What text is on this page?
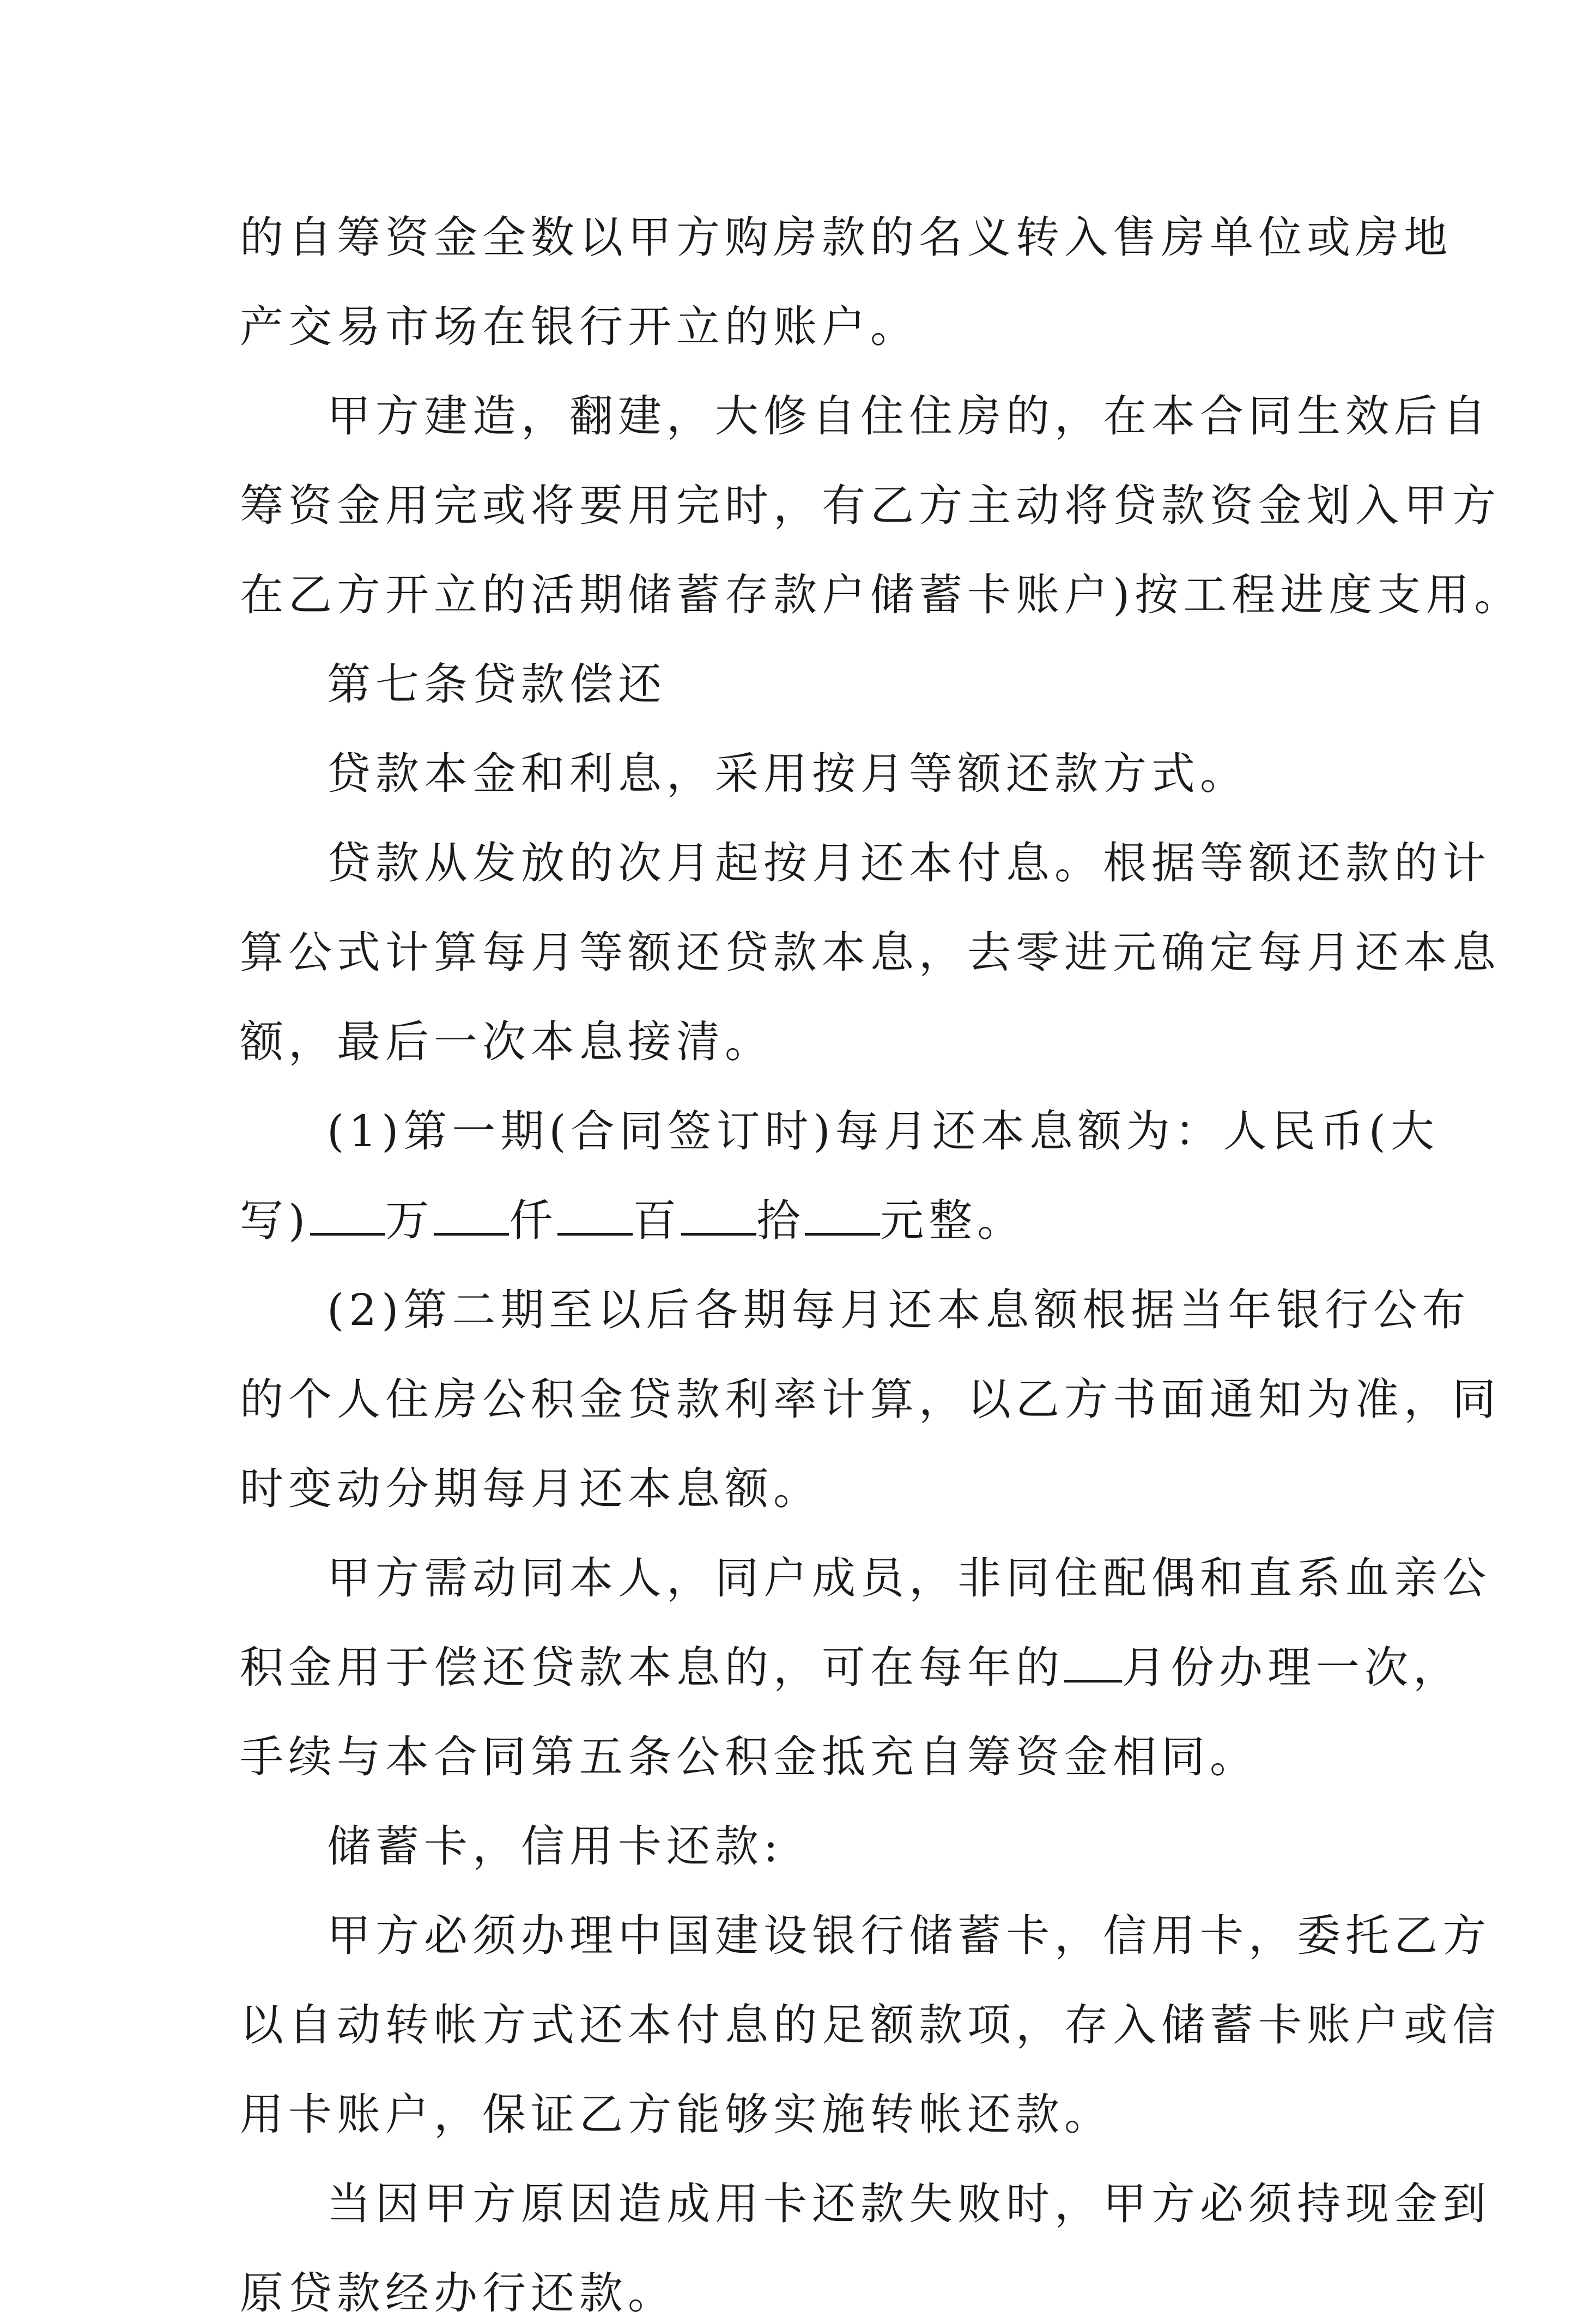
的自筹资金全数以甲方购房款的名义转入售房单位或房地

产交易市场在银行开立的账户。

甲方建造，翻建，大修自住住房的，在本合同生效后自

筹资金用完或将要用完时，有乙方主动将贷款资金划入甲方

在乙方开立的活期储蓄存款户储蓄卡账户)按工程进度支用。

第七条贷款偿还

贷款本金和利息，采用按月等额还款方式。

贷款从发放的次月起按月还本付息。根据等额还款的计

算公式计算每月等额还贷款本息，去零进元确定每月还本息

额，最后一次本息接清。

(1)第一期(合同签订时)每月还本息额为：人民币(大

写) 万 仟 百 拾 元整。

(2)第二期至以后各期每月还本息额根据当年银行公布

的个人住房公积金贷款利率计算，以乙方书面通知为准，同

时变动分期每月还本息额。

甲方需动同本人，同户成员，非同住配偶和直系血亲公

积金用于偿还贷款本息的，可在每年的 月份办理一次，

手续与本合同第五条公积金抵充自筹资金相同。

储蓄卡，信用卡还款:

甲方必须办理中国建设银行储蓄卡，信用卡，委托乙方

以自动转帐方式还本付息的足额款项，存入储蓄卡账户或信

用卡账户，保证乙方能够实施转帐还款。

当因甲方原因造成用卡还款失败时，甲方必须持现金到

原贷款经办行还款。
